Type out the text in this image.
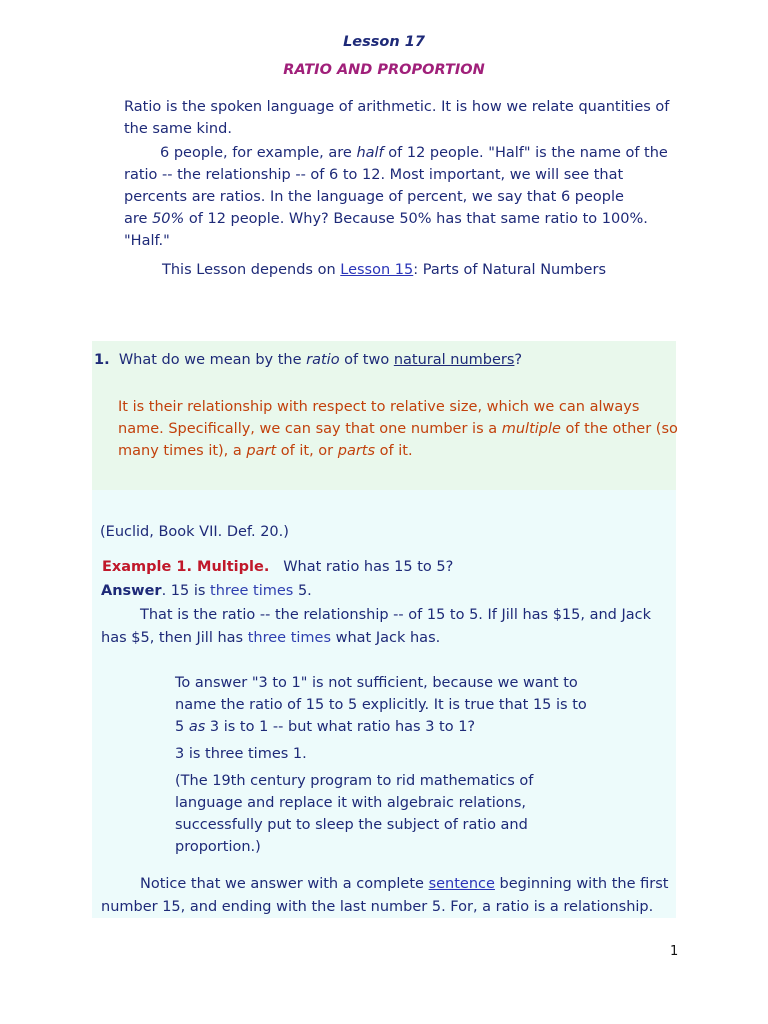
Lesson 17
RATIO AND PROPORTION
Ratio is the spoken language of arithmetic. It is how we relate quantities of
the same kind.
6 people, for example, are half of 12 people. "Half" is the name of the
ratio -- the relationship -- of 6 to 12. Most important, we will see that
percents are ratios. In the language of percent, we say that 6 people
are 50% of 12 people. Why? Because 50% has that same ratio to 100%.
"Half."
This Lesson depends on Lesson 15: Parts of Natural Numbers
1. What do we mean by the ratio of two natural numbers?
It is their relationship with respect to relative size, which we can always
name. Specifically, we can say that one number is a multiple of the other (so
many times it), a part of it, or parts of it.
(Euclid, Book VII. Def. 20.)
Example 1. Multiple. What ratio has 15 to 5?
Answer. 15 is three times 5.
That is the ratio -- the relationship -- of 15 to 5. If Jill has $15, and Jack
has $5, then Jill has three times what Jack has.
To answer "3 to 1" is not sufficient, because we want to
name the ratio of 15 to 5 explicitly. It is true that 15 is to
5 as 3 is to 1 -- but what ratio has 3 to 1?
3 is three times 1.
(The 19th century program to rid mathematics of
language and replace it with algebraic relations,
successfully put to sleep the subject of ratio and
proportion.)
Notice that we answer with a complete sentence beginning with the first
number 15, and ending with the last number 5. For, a ratio is a relationship.
1
